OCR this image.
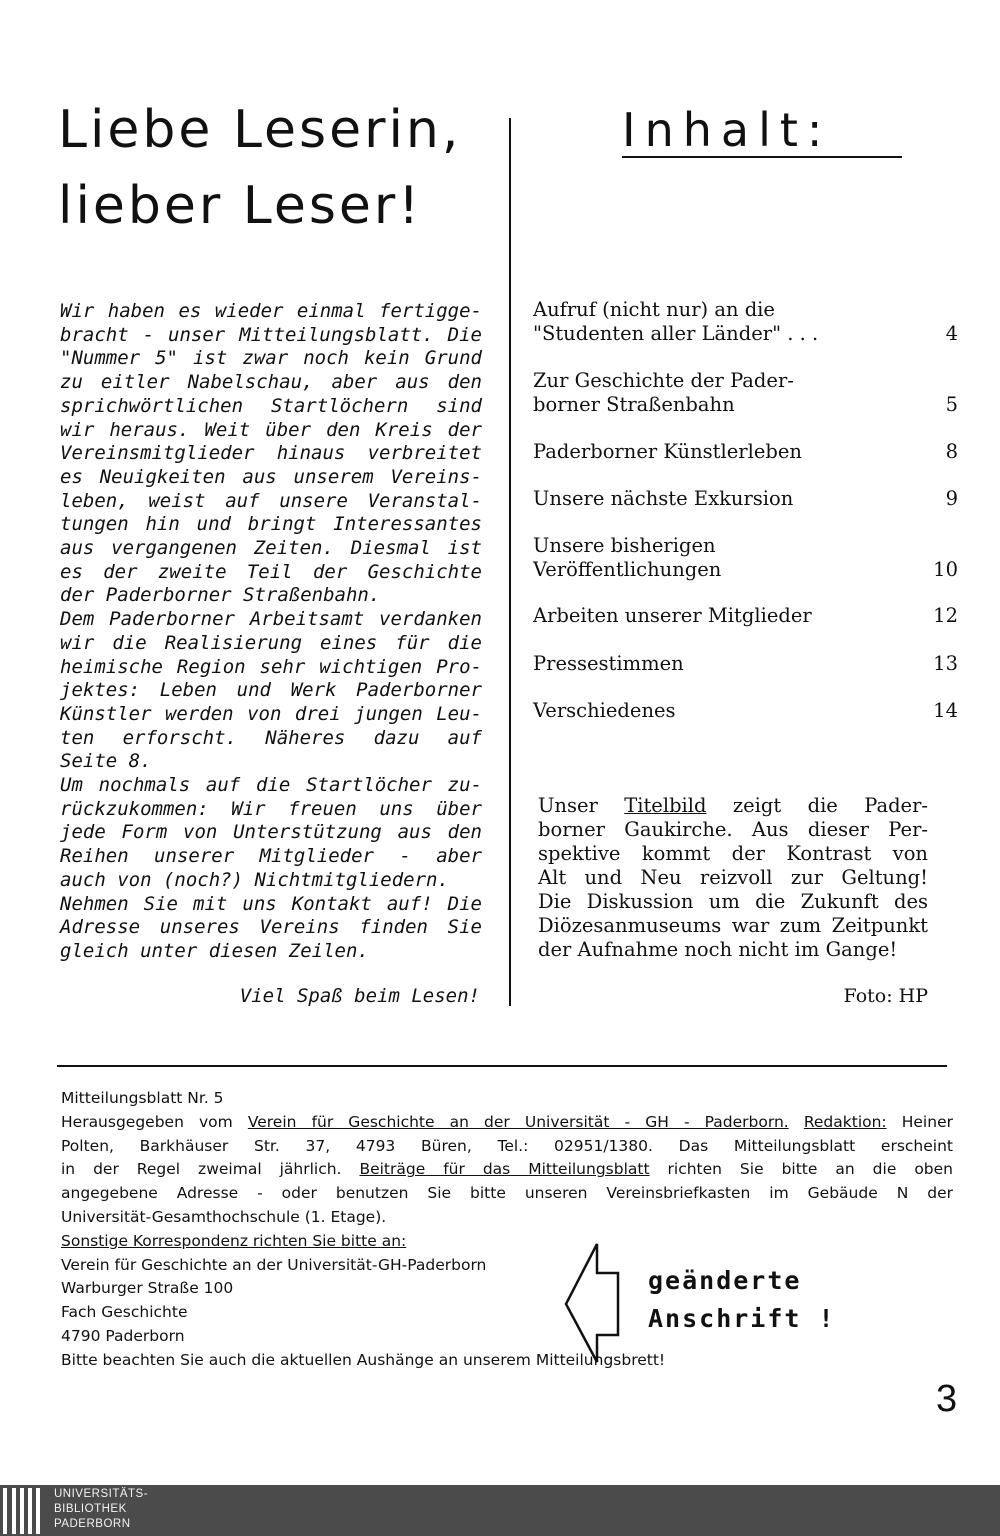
Liebe Leserin,
lieber Leser!
Inhalt:
Wir haben es wieder einmal fertigge-
bracht - unser Mitteilungsblatt. Die
"Nummer 5" ist zwar noch kein Grund
zu eitler Nabelschau, aber aus den
sprichwörtlichen Startlöchern sind
wir heraus. Weit über den Kreis der
Vereinsmitglieder hinaus verbreitet
es Neuigkeiten aus unserem Vereins-
leben, weist auf unsere Veranstal-
tungen hin und bringt Interessantes
aus vergangenen Zeiten. Diesmal ist
es der zweite Teil der Geschichte
der Paderborner Straßenbahn.
Dem Paderborner Arbeitsamt verdanken
wir die Realisierung eines für die
heimische Region sehr wichtigen Pro-
jektes: Leben und Werk Paderborner
Künstler werden von drei jungen Leu-
ten erforscht. Näheres dazu auf
Seite 8.
Um nochmals auf die Startlöcher zu-
rückzukommen: Wir freuen uns über
jede Form von Unterstützung aus den
Reihen unserer Mitglieder - aber
auch von (noch?) Nichtmitgliedern.
Nehmen Sie mit uns Kontakt auf! Die
Adresse unseres Vereins finden Sie
gleich unter diesen Zeilen.
Viel Spaß beim Lesen!
Aufruf (nicht nur) an die
"Studenten aller Länder" . . .	4
Zur Geschichte der Pader-
borner Straßenbahn	5
Paderborner Künstlerleben	8
Unsere nächste Exkursion	9
Unsere bisherigen
Veröffentlichungen	10
Arbeiten unserer Mitglieder	12
Pressestimmen	13
Verschiedenes	14
Unser Titelbild zeigt die Pader-
borner Gaukirche. Aus dieser Per-
spektive kommt der Kontrast von
Alt und Neu reizvoll zur Geltung!
Die Diskussion um die Zukunft des
Diözesanmuseums war zum Zeitpunkt
der Aufnahme noch nicht im Gange!
Foto: HP
Mitteilungsblatt Nr. 5
Herausgegeben vom Verein für Geschichte an der Universität - GH - Paderborn. Redaktion: Heiner
Polten, Barkhäuser Str. 37, 4793 Büren, Tel.: 02951/1380. Das Mitteilungsblatt erscheint
in der Regel zweimal jährlich. Beiträge für das Mitteilungsblatt richten Sie bitte an die oben
angegebene Adresse - oder benutzen Sie bitte unseren Vereinsbriefkasten im Gebäude N der
Universität-Gesamthochschule (1. Etage).
Sonstige Korrespondenz richten Sie bitte an:
Verein für Geschichte an der Universität-GH-Paderborn
Warburger Straße 100
Fach Geschichte
4790 Paderborn
Bitte beachten Sie auch die aktuellen Aushänge an unserem Mitteilungsbrett!
geänderte
Anschrift !
3
UNIVERSITÄTS-
BIBLIOTHEK
PADERBORN
